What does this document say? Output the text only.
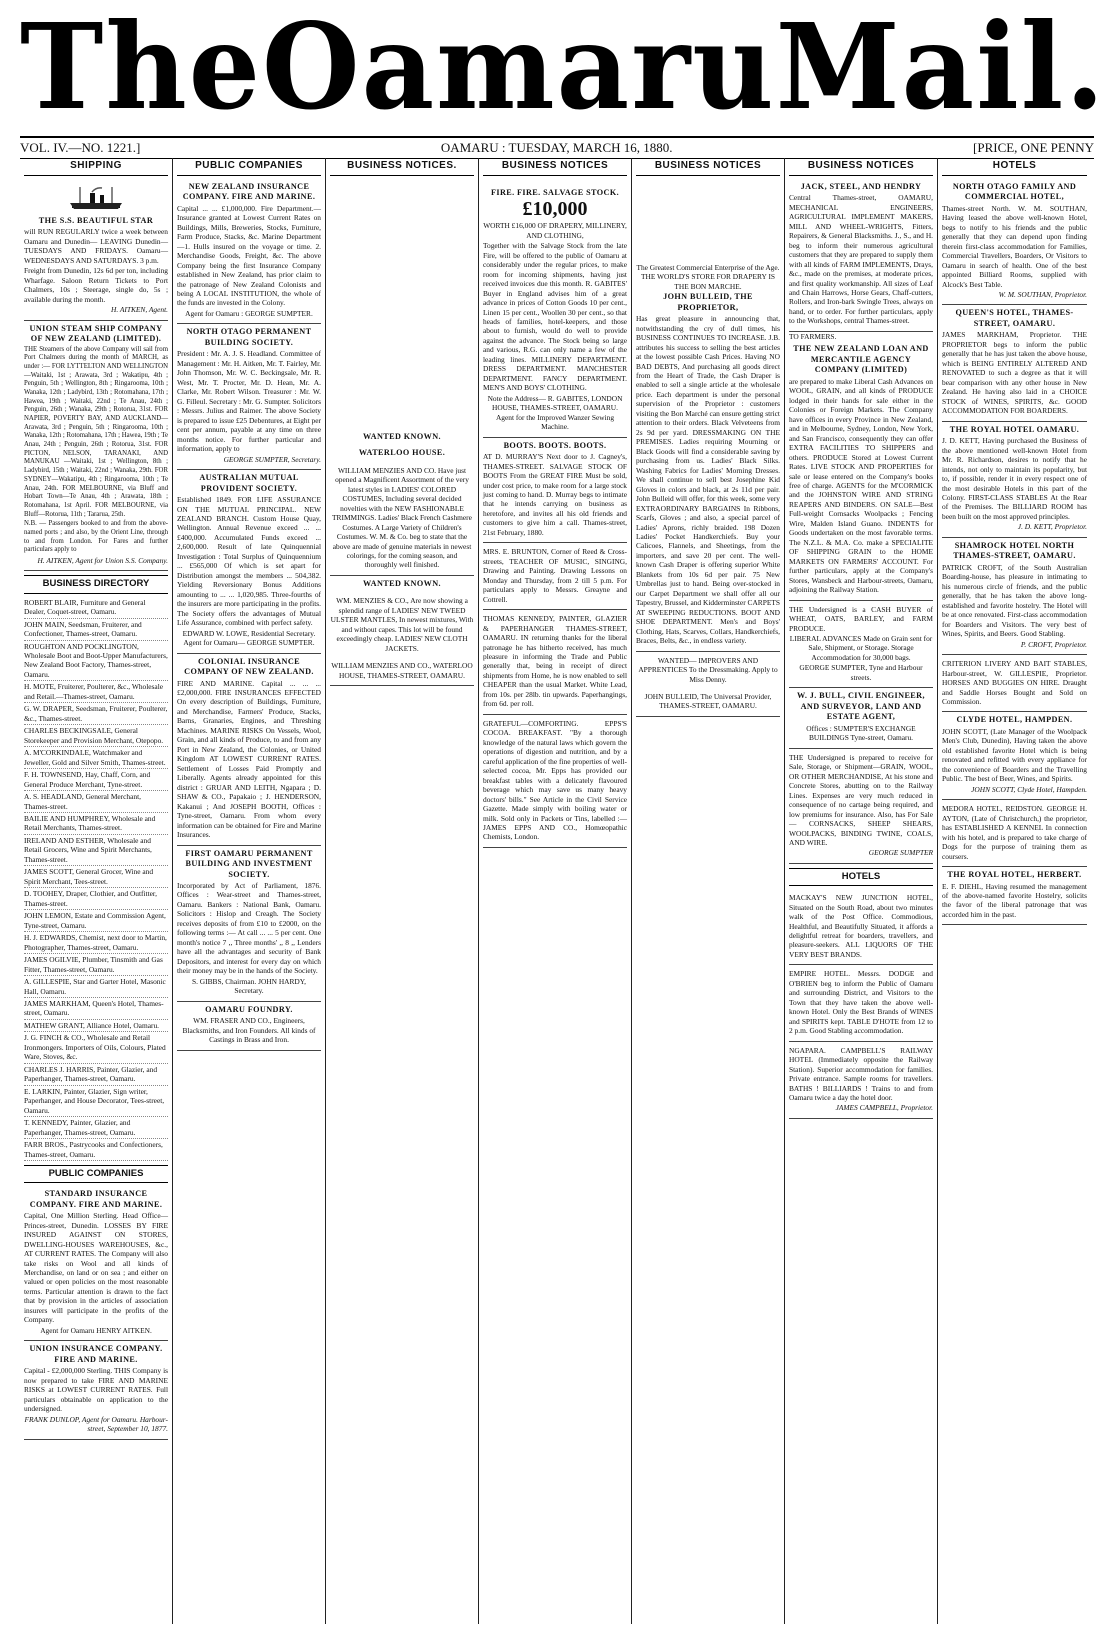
The Oamaru Mail.
VOL. IV.—NO. 1221.]	OAMARU : TUESDAY, MARCH 16, 1880.	[PRICE, ONE PENNY
SHIPPING
THE S.S. BEAUTIFUL STAR

will RUN REGULARLY twice a week between Oamaru and Dunedin— LEAVING Dunedin— TUESDAYS AND FRIDAYS. Oamaru— WEDNESDAYS AND SATURDAYS. 3 p.m.

Freight from Dunedin, 12s 6d per ton, including Wharfage. Saloon Return Tickets to Port Chalmers, 10s ; Steerage, single do, 5s ; available during the month.

H. AITKEN, Agent.

UNION STEAM SHIP COMPANY OF NEW ZEALAND (LIMITED).

THE Steamers of the above Company will sail from Port Chalmers during the month of MARCH, as under :— FOR LYTTELTON AND WELLINGTON —Waitaki, 1st ; Arawata, 3rd ; Wakatipu, 4th ; Penguin, 5th ; Wellington, 8th ; Ringarooma, 10th ; Wanaka, 12th ; Ladybird, 13th ; Rotomahana, 17th ; Hawea, 19th ; Waitaki, 22nd ; Te Anau, 24th ; Penguin, 26th ; Wanaka, 29th ; Rotorua, 31st. FOR NAPIER, POVERTY BAY, AND AUCKLAND—Arawata, 3rd ; Penguin, 5th ; Ringarooma, 10th ; Wanaka, 12th ; Rotomahana, 17th ; Hawea, 19th ; Te Anau, 24th ; Penguin, 26th ; Rotorua, 31st. FOR PICTON, NELSON, TARANAKI, AND MANUKAU —Waitaki, 1st ; Wellington, 8th ; Ladybird, 15th ; Waitaki, 22nd ; Wanaka, 29th. FOR SYDNEY—Wakatipu, 4th ; Ringarooma, 10th ; Te Anau, 24th. FOR MELBOURNE, via Bluff and Hobart Town—Te Anau, 4th ; Arawata, 18th ; Rotomahana, 1st April. FOR MELBOURNE, via Bluff—Rotorua, 11th ; Tararua, 25th.

N.B. — Passengers booked to and from the above-named ports ; and also, by the Orient Line, through to and from London. For Fares and further particulars apply to

H. AITKEN, Agent for Union S.S. Company.

BUSINESS DIRECTORY
ROBERT BLAIR, Furniture and General Dealer, Coquet-street, Oamaru.
JOHN MAIN, Seedsman, Fruiterer, and Confectioner, Thames-street, Oamaru.
ROUGHTON AND POCKLINGTON, Wholesale Boot and Boot-Upper Manufacturers, New Zealand Boot Factory, Thames-street, Oamaru.
H. MOTE, Fruiterer, Poulterer, &c., Wholesale and Retail.—Thames-street, Oamaru.
G. W. DRAPER, Seedsman, Fruiterer, Poulterer, &c., Thames-street.
CHARLES BECKINGSALE, General Storekeeper and Provision Merchant, Otepopo.
A. M'CORKINDALE, Watchmaker and Jeweller, Gold and Silver Smith, Thames-street.
F. H. TOWNSEND, Hay, Chaff, Corn, and General Produce Merchant, Tyne-street.
A. S. HEADLAND, General Merchant, Thames-street.
BAILIE AND HUMPHREY, Wholesale and Retail Merchants, Thames-street.
IRELAND AND ESTHER, Wholesale and Retail Grocers, Wine and Spirit Merchants, Thames-street.
JAMES SCOTT, General Grocer, Wine and Spirit Merchant, Tees-street.
D. TOOHEY, Draper, Clothier, and Outfitter, Thames-street.
JOHN LEMON, Estate and Commission Agent, Tyne-street, Oamaru.
H. J. EDWARDS, Chemist, next door to Martin, Photographer, Thames-street, Oamaru.
JAMES OGILVIE, Plumber, Tinsmith and Gas Fitter, Thames-street, Oamaru.
A. GILLESPIE, Star and Garter Hotel, Masonic Hall, Oamaru.
JAMES MARKHAM, Queen's Hotel, Thames-street, Oamaru.
MATHEW GRANT, Alliance Hotel, Oamaru.
J. G. FINCH & CO., Wholesale and Retail Ironmongers. Importers of Oils, Colours, Plated Ware, Stoves, &c.
CHARLES J. HARRIS, Painter, Glazier, and Paperhanger, Thames-street, Oamaru.
E. LARKIN, Painter, Glazier, Sign writer, Paperhanger, and House Decorator, Tees-street, Oamaru.
T. KENNEDY, Painter, Glazier, and Paperhanger, Thames-street, Oamaru.
FARR BROS., Pastrycooks and Confectioners, Thames-street, Oamaru.
PUBLIC COMPANIES
STANDARD INSURANCE COMPANY. FIRE AND MARINE.

Capital, One Million Sterling. Head Office—Princes-street, Dunedin. LOSSES BY FIRE INSURED AGAINST ON STORES, DWELLING-HOUSES WAREHOUSES, &c., AT CURRENT RATES. The Company will also take risks on Wool and all kinds of Merchandise, on land or on sea ; and either on valued or open policies on the most reasonable terms. Particular attention is drawn to the fact that by provision in the articles of association insurers will participate in the profits of the Company.

Agent for Oamaru HENRY AITKEN.

UNION INSURANCE COMPANY. FIRE AND MARINE.

Capital - £2,000,000 Sterling. THIS Company is now prepared to take FIRE AND MARINE RISKS at LOWEST CURRENT RATES. Full particulars obtainable on application to the undersigned.

FRANK DUNLOP, Agent for Oamaru. Harbour-street, September 10, 1877.

PUBLIC COMPANIES
NEW ZEALAND INSURANCE COMPANY. FIRE AND MARINE.

Capital ... ... £1,000,000. Fire Department.—Insurance granted at Lowest Current Rates on Buildings, Mills, Breweries, Stocks, Furniture, Farm Produce, Stacks, &c. Marine Department—1. Hulls insured on the voyage or time. 2. Merchandise Goods, Freight, &c. The above Company being the first Insurance Company established in New Zealand, has prior claim to the patronage of New Zealand Colonists and being A LOCAL INSTITUTION, the whole of the funds are invested in the Colony.

Agent for Oamaru : GEORGE SUMPTER.

NORTH OTAGO PERMANENT BUILDING SOCIETY.

President : Mr. A. J. S. Headland. Committee of Management : Mr. H. Aitken, Mr. T. Fairley, Mr. John Thomson, Mr. W. C. Beckingsale, Mr. R. West, Mr. T. Procter, Mr. D. Hean, Mr. A. Clarke, Mr. Robert Wilson. Treasurer : Mr. W. G. Filleul. Secretary : Mr. G. Sumpter. Solicitors : Messrs. Julius and Raimer. The above Society is prepared to issue £25 Debentures, at Eight per cent per annum, payable at any time on three months notice. For further particular and information, apply to

GEORGE SUMPTER, Secretary.

AUSTRALIAN MUTUAL PROVIDENT SOCIETY.

Established 1849. FOR LIFE ASSURANCE ON THE MUTUAL PRINCIPAL. NEW ZEALAND BRANCH. Custom House Quay, Wellington. Annual Revenue exceed ... ... £400,000. Accumulated Funds exceed ... 2,600,000. Result of late Quinquennial Investigation : Total Surplus of Quinquennium ... £565,000 Of which is set apart for Distribution amongst the members ... 504,382. Yielding Reversionary Bonus Additions amounting to ... ... 1,020,985. Three-fourths of the insurers are more participating in the profits. The Society offers the advantages of Mutual Life Assurance, combined with perfect safety.

EDWARD W. LOWE, Residential Secretary. Agent for Oamaru— GEORGE SUMPTER.

COLONIAL INSURANCE COMPANY OF NEW ZEALAND.

FIRE AND MARINE. Capital ... ... ... £2,000,000. FIRE INSURANCES EFFECTED On every description of Buildings, Furniture, and Merchandise, Farmers' Produce, Stacks, Barns, Granaries, Engines, and Threshing Machines. MARINE RISKS On Vessels, Wool, Grain, and all kinds of Produce, to and from any Port in New Zealand, the Colonies, or United Kingdom AT LOWEST CURRENT RATES. Settlement of Losses Paid Promptly and Liberally. Agents already appointed for this district : GRUAR AND LEITH, Ngapara ; D. SHAW & CO., Papakaio ; J. HENDERSON, Kakanui ; And JOSEPH BOOTH, Offices : Tyne-street, Oamaru. From whom every information can be obtained for Fire and Marine Insurances.

FIRST OAMARU PERMANENT BUILDING AND INVESTMENT SOCIETY.

Incorporated by Act of Parliament, 1876. Offices : Wear-street and Thames-street, Oamaru. Bankers : National Bank, Oamaru. Solicitors : Hislop and Creagh. The Society receives deposits of from £10 to £2000, on the following terms :— At call ... ... 5 per cent. One month's notice 7 ,, Three months' ,, 8 ,, Lenders have all the advantages and security of Bank Depositors, and interest for every day on which their money may be in the hands of the Society.

S. GIBBS, Chairman. JOHN HARDY, Secretary.

OAMARU FOUNDRY.

WM. FRASER AND CO., Engineers, Blacksmiths, and Iron Founders. All kinds of Castings in Brass and Iron.

BUSINESS NOTICES.
WANTED KNOWN.
WATERLOO HOUSE.

WILLIAM MENZIES AND CO. Have just opened a Magnificent Assortment of the very latest styles in LADIES' COLORED COSTUMES, Including several decided novelties with the NEW FASHIONABLE TRIMMINGS. Ladies' Black French Cashmere Costumes. A Large Variety of Children's Costumes. W. M. & Co. beg to state that the above are made of genuine materials in newest colorings, for the coming season, and thoroughly well finished.

WANTED KNOWN.

WM. MENZIES & CO., Are now showing a splendid range of LADIES' NEW TWEED ULSTER MANTLES, In newest mixtures, With and without capes. This lot will be found exceedingly cheap. LADIES' NEW CLOTH JACKETS.

WILLIAM MENZIES AND CO., WATERLOO HOUSE, THAMES-STREET, OAMARU.

BUSINESS NOTICES
FIRE. FIRE. SALVAGE STOCK.
£10,000

WORTH £16,000 OF DRAPERY, MILLINERY, AND CLOTHING,

Together with the Salvage Stock from the late Fire, will be offered to the public of Oamaru at considerably under the regular prices, to make room for incoming shipments, having just received invoices due this month. R. GABITES' Buyer in England advises him of a great advance in prices of Cotton Goods 10 per cent., Linen 15 per cent., Woollen 30 per cent., so that heads of families, hotel-keepers, and those about to furnish, would do well to provide against the advance. The Stock being so large and various, R.G. can only name a few of the leading lines. MILLINERY DEPARTMENT. DRESS DEPARTMENT. MANCHESTER DEPARTMENT. FANCY DEPARTMENT. MEN'S AND BOYS' CLOTHING.

Note the Address— R. GABITES, LONDON HOUSE, THAMES-STREET, OAMARU. Agent for the Improved Wanzer Sewing Machine.

BOOTS. BOOTS. BOOTS.

AT D. MURRAY'S Next door to J. Cagney's, THAMES-STREET. SALVAGE STOCK OF BOOTS From the GREAT FIRE Must be sold, under cost price, to make room for a large stock just coming to hand. D. Murray begs to intimate that he intends carrying on business as heretofore, and invites all his old friends and customers to give him a call. Thames-street, 21st February, 1880.

MRS. E. BRUNTON, Corner of Reed & Cross-streets, TEACHER OF MUSIC, SINGING, Drawing and Painting. Drawing Lessons on Monday and Thursday, from 2 till 5 p.m. For particulars apply to Messrs. Greayne and Cottrell.

THOMAS KENNEDY, PAINTER, GLAZIER & PAPERHANGER THAMES-STREET, OAMARU. IN returning thanks for the liberal patronage he has hitherto received, has much pleasure in informing the Trade and Public generally that, being in receipt of direct shipments from Home, he is now enabled to sell CHEAPER than the usual Market. White Lead, from 10s. per 28lb. tin upwards. Paperhangings, from 6d. per roll.

GRATEFUL—COMFORTING. EPPS'S COCOA. BREAKFAST. "By a thorough knowledge of the natural laws which govern the operations of digestion and nutrition, and by a careful application of the fine properties of well-selected cocoa, Mr. Epps has provided our breakfast tables with a delicately flavoured beverage which may save us many heavy doctors' bills." See Article in the Civil Service Gazette. Made simply with boiling water or milk. Sold only in Packets or Tins, labelled :— JAMES EPPS AND CO., Homœopathic Chemists, London.

BUSINESS NOTICES

The Greatest Commercial Enterprise of the Age. THE WORLD'S STORE FOR DRAPERY IS THE BON MARCHE.

JOHN BULLEID, THE PROPRIETOR,

Has great pleasure in announcing that, notwithstanding the cry of dull times, his BUSINESS CONTINUES TO INCREASE. J.B. attributes his success to selling the best articles at the lowest possible Cash Prices. Having NO BAD DEBTS, And purchasing all goods direct from the Heart of Trade, the Cash Draper is enabled to sell a single article at the wholesale price. Each department is under the personal supervision of the Proprietor : customers visiting the Bon Marché can ensure getting strict attention to their orders. Black Velveteens from 2s 9d per yard. DRESSMAKING ON THE PREMISES. Ladies requiring Mourning or Black Goods will find a considerable saving by purchasing from us. Ladies' Black Silks. Washing Fabrics for Ladies' Morning Dresses. We shall continue to sell best Josephine Kid Gloves in colors and black, at 2s 11d per pair. John Bulleid will offer, for this week, some very EXTRAORDINARY BARGAINS In Ribbons, Scarfs, Gloves ; and also, a special parcel of Ladies' Aprons, richly braided. 198 Dozen Ladies' Pocket Handkerchiefs. Buy your Calicoes, Flannels, and Sheetings, from the importers, and save 20 per cent. The well-known Cash Draper is offering superior White Blankets from 10s 6d per pair. 75 New Umbrellas just to hand. Being over-stocked in our Carpet Department we shall offer all our Tapestry, Brussel, and Kidderminster CARPETS AT SWEEPING REDUCTIONS. BOOT AND SHOE DEPARTMENT. Men's and Boys' Clothing, Hats, Scarves, Collars, Handkerchiefs, Braces, Belts, &c., in endless variety.

WANTED— IMPROVERS AND APPRENTICES To the Dressmaking. Apply to Miss Denny.

JOHN BULLEID, The Universal Provider, THAMES-STREET, OAMARU.

BUSINESS NOTICES
JACK, STEEL, AND HENDRY

Central Thames-street, OAMARU, MECHANICAL ENGINEERS, AGRICULTURAL IMPLEMENT MAKERS, MILL AND WHEEL-WRIGHTS, Fitters, Repairers, & General Blacksmiths. J., S., and H. beg to inform their numerous agricultural customers that they are prepared to supply them with all kinds of FARM IMPLEMENTS, Drays, &c., made on the premises, at moderate prices, and first quality workmanship. All sizes of Leaf and Chain Harrows, Horse Gears, Chaff-cutters, Rollers, and Iron-bark Swingle Trees, always on hand, or to order. For further particulars, apply to the Workshops, central Thames-street.

TO FARMERS.
THE NEW ZEALAND LOAN AND MERCANTILE AGENCY COMPANY (LIMITED)

are prepared to make Liberal Cash Advances on WOOL, GRAIN, and all kinds of PRODUCE lodged in their hands for sale either in the Colonies or Foreign Markets. The Company have offices in every Province in New Zealand, and in Melbourne, Sydney, London, New York, and San Francisco, consequently they can offer EXTRA FACILITIES TO SHIPPERS and others. PRODUCE Stored at Lowest Current Rates. LIVE STOCK AND PROPERTIES for sale or lease entered on the Company's books free of charge. AGENTS for the M'CORMICK and the JOHNSTON WIRE AND STRING REAPERS AND BINDERS. ON SALE—Best Full-weight Cornsacks Woolpacks ; Fencing Wire, Malden Island Guano. INDENTS for Goods undertaken on the most favorable terms. The N.Z.L. & M.A. Co. make a SPECIALITE OF SHIPPING GRAIN to the HOME MARKETS ON FARMERS' ACCOUNT. For further particulars, apply at the Company's Stores, Wansbeck and Harbour-streets, Oamaru, adjoining the Railway Station.

THE Undersigned is a CASH BUYER of WHEAT, OATS, BARLEY, and FARM PRODUCE.

LIBERAL ADVANCES Made on Grain sent for Sale, Shipment, or Storage. Storage Accommodation for 30,000 bags.

GEORGE SUMPTER, Tyne and Harbour streets.

W. J. BULL, CIVIL ENGINEER, AND SURVEYOR, LAND AND ESTATE AGENT,

Offices : SUMPTER'S EXCHANGE BUILDINGS Tyne-street, Oamaru.

THE Undersigned is prepared to receive for Sale, Storage, or Shipment—GRAIN, WOOL, OR OTHER MERCHANDISE, At his stone and Concrete Stores, abutting on to the Railway Lines. Expenses are very much reduced in consequence of no cartage being required, and low premiums for insurance. Also, has For Sale— CORNSACKS, SHEEP SHEARS, WOOLPACKS, BINDING TWINE, COALS, AND WIRE.

GEORGE SUMPTER

HOTELS

MACKAY'S NEW JUNCTION HOTEL, Situated on the South Road, about two minutes walk of the Post Office. Commodious, Healthful, and Beautifully Situated, it affords a delightful retreat for boarders, travellers, and pleasure-seekers. ALL LIQUORS OF THE VERY BEST BRANDS.

EMPIRE HOTEL. Messrs. DODGE and O'BRIEN beg to inform the Public of Oamaru and surrounding District, and Visitors to the Town that they have taken the above well-known Hotel. Only the Best Brands of WINES and SPIRITS kept. TABLE D'HOTE from 12 to 2 p.m. Good Stabling accommodation.

NGAPARA. CAMPBELL'S RAILWAY HOTEL (Immediately opposite the Railway Station). Superior accommodation for families. Private entrance. Sample rooms for travellers. BATHS ! BILLIARDS ! Trains to and from Oamaru twice a day the hotel door.

JAMES CAMPBELL, Proprietor.

HOTELS
NORTH OTAGO FAMILY AND COMMERCIAL HOTEL,

Thames-street North. W. M. SOUTHAN, Having leased the above well-known Hotel, begs to notify to his friends and the public generally that they can depend upon finding therein first-class accommodation for Families, Commercial Travellers, Boarders, Or Visitors to Oamaru in search of health. One of the best appointed Billiard Rooms, supplied with Alcock's Best Table.

W. M. SOUTHAN, Proprietor.

QUEEN'S HOTEL, THAMES-STREET, OAMARU.

JAMES MARKHAM, Proprietor. THE PROPRIETOR begs to inform the public generally that he has just taken the above house, which is BEING ENTIRELY ALTERED AND RENOVATED to such a degree as that it will bear comparison with any other house in New Zealand. He having also laid in a CHOICE STOCK of WINES, SPIRITS, &c. GOOD ACCOMMODATION FOR BOARDERS.

THE ROYAL HOTEL OAMARU.

J. D. KETT, Having purchased the Business of the above mentioned well-known Hotel from Mr. R. Richardson, desires to notify that he intends, not only to maintain its popularity, but to, if possible, render it in every respect one of the most desirable Hotels in this part of the Colony. FIRST-CLASS STABLES At the Rear of the Premises. The BILLIARD ROOM has been built on the most approved principles.

J. D. KETT, Proprietor.

SHAMROCK HOTEL NORTH THAMES-STREET, OAMARU.

PATRICK CROFT, of the South Australian Boarding-house, has pleasure in intimating to his numerous circle of friends, and the public generally, that he has taken the above long-established and favorite hostelry. The Hotel will be at once renovated. First-class accommodation for Boarders and Visitors. The very best of Wines, Spirits, and Beers. Good Stabling.

P. CROFT, Proprietor.

CRITERION LIVERY AND BAIT STABLES, Harbour-street, W. GILLESPIE, Proprietor. HORSES AND BUGGIES ON HIRE. Draught and Saddle Horses Bought and Sold on Commission.

CLYDE HOTEL, HAMPDEN.

JOHN SCOTT, (Late Manager of the Woolpack Men's Club, Dunedin), Having taken the above old established favorite Hotel which is being renovated and refitted with every appliance for the convenience of Boarders and the Travelling Public. The best of Beer, Wines, and Spirits.

JOHN SCOTT, Clyde Hotel, Hampden.

MEDORA HOTEL, REIDSTON. GEORGE H. AYTON, (Late of Christchurch,) the proprietor, has ESTABLISHED A KENNEL In connection with his hotel, and is prepared to take charge of Dogs for the purpose of training them as coursers.

THE ROYAL HOTEL, HERBERT.

E. F. DIEHL, Having resumed the management of the above-named favorite Hostelry, solicits the favor of the liberal patronage that was accorded him in the past.
